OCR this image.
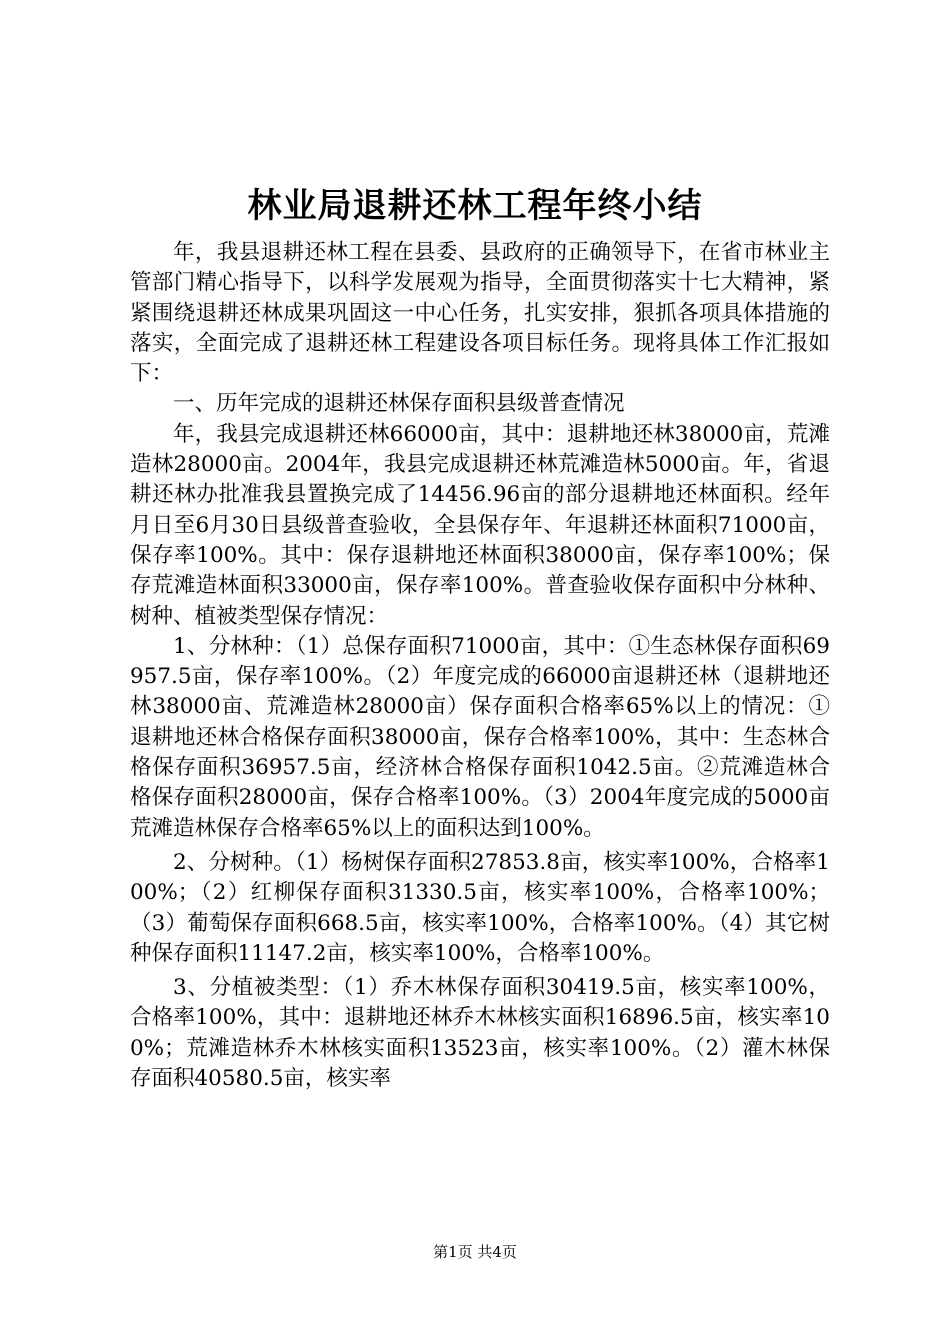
林业局退耕还林工程年终小结

年，我县退耕还林工程在县委、县政府的正确领导下，在省市林业主管部门精心指导下，以科学发展观为指导，全面贯彻落实十七大精神，紧紧围绕退耕还林成果巩固这一中心任务，扎实安排，狠抓各项具体措施的落实，全面完成了退耕还林工程建设各项目标任务。现将具体工作汇报如下：

一、历年完成的退耕还林保存面积县级普查情况

年，我县完成退耕还林66000亩，其中：退耕地还林38000亩，荒滩造林28000亩。2004年，我县完成退耕还林荒滩造林5000亩。年，省退耕还林办批准我县置换完成了14456.96亩的部分退耕地还林面积。经年月日至6月30日县级普查验收，全县保存年、年退耕还林面积71000亩，保存率100%。其中：保存退耕地还林面积38000亩，保存率100%；保存荒滩造林面积33000亩，保存率100%。普查验收保存面积中分林种、树种、植被类型保存情况：

1、分林种：（1）总保存面积71000亩，其中：①生态林保存面积69957.5亩，保存率100%。（2）年度完成的66000亩退耕还林（退耕地还林38000亩、荒滩造林28000亩）保存面积合格率65%以上的情况：①退耕地还林合格保存面积38000亩，保存合格率100%，其中：生态林合格保存面积36957.5亩，经济林合格保存面积1042.5亩。②荒滩造林合格保存面积28000亩，保存合格率100%。（3）2004年度完成的5000亩荒滩造林保存合格率65%以上的面积达到100%。

2、分树种。（1）杨树保存面积27853.8亩，核实率100%，合格率100%；（2）红柳保存面积31330.5亩，核实率100%，合格率100%；（3）葡萄保存面积668.5亩，核实率100%，合格率100%。（4）其它树种保存面积11147.2亩，核实率100%，合格率100%。

3、分植被类型：（1）乔木林保存面积30419.5亩，核实率100%，合格率100%，其中：退耕地还林乔木林核实面积16896.5亩，核实率100%；荒滩造林乔木林核实面积13523亩，核实率100%。（2）灌木林保存面积40580.5亩，核实率

第1页 共4页
